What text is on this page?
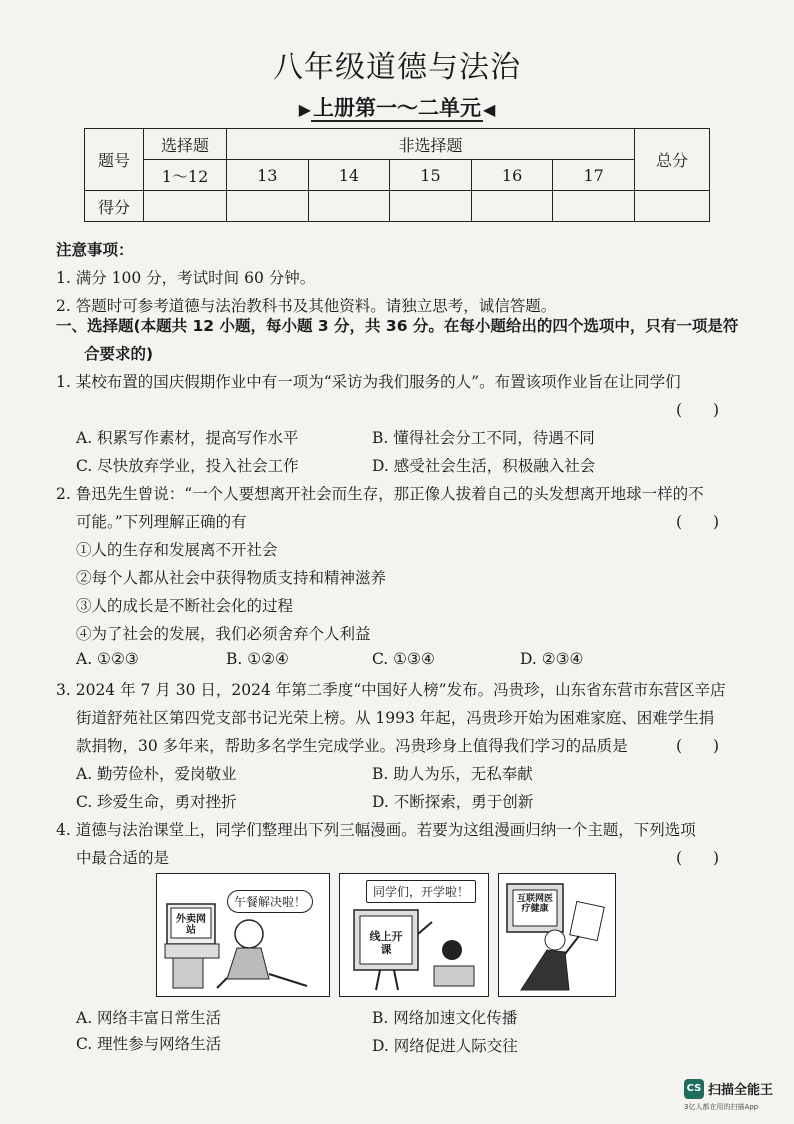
八年级道德与法治
▶上册第一～二单元 ◀
题号	选择题	非选择题					总分
	1～12	13	14	15	16	17	
得分							
注意事项：
1. 满分 100 分，考试时间 60 分钟。
2. 答题时可参考道德与法治教科书及其他资料。请独立思考，诚信答题。
一、选择题(本题共 12 小题，每小题 3 分，共 36 分。在每小题给出的四个选项中，只有一项是符
合要求的)
1. 某校布置的国庆假期作业中有一项为“采访为我们服务的人”。布置该项作业旨在让同学们
(　　)
A. 积累写作素材，提高写作水平	B. 懂得社会分工不同，待遇不同
C. 尽快放弃学业，投入社会工作	D. 感受社会生活，积极融入社会
2. 鲁迅先生曾说：“一个人要想离开社会而生存，那正像人拔着自己的头发想离开地球一样的不
可能。”下列理解正确的有	(　　)
①人的生存和发展离不开社会
②每个人都从社会中获得物质支持和精神滋养
③人的成长是不断社会化的过程
④为了社会的发展，我们必须舍弃个人利益
A. ①②③	B. ①②④	C. ①③④	D. ②③④
3. 2024 年 7 月 30 日，2024 年第二季度“中国好人榜”发布。冯贵珍，山东省东营市东营区辛店
街道舒苑社区第四党支部书记光荣上榜。从 1993 年起，冯贵珍开始为困难家庭、困难学生捐
款捐物，30 多年来，帮助多名学生完成学业。冯贵珍身上值得我们学习的品质是	(　　)
A. 勤劳俭朴，爱岗敬业	B. 助人为乐，无私奉献
C. 珍爱生命，勇对挫折	D. 不断探索，勇于创新
4. 道德与法治课堂上，同学们整理出下列三幅漫画。若要为这组漫画归纳一个主题，下列选项
中最合适的是	(　　)
午餐解决啦！
外卖网站
同学们，开学啦！
线上开课
互联网医疗健康
A. 网络丰富日常生活	B. 网络加速文化传播
C. 理性参与网络生活	D. 网络促进人际交往
CS 扫描全能王
3亿人都在用的扫描App
